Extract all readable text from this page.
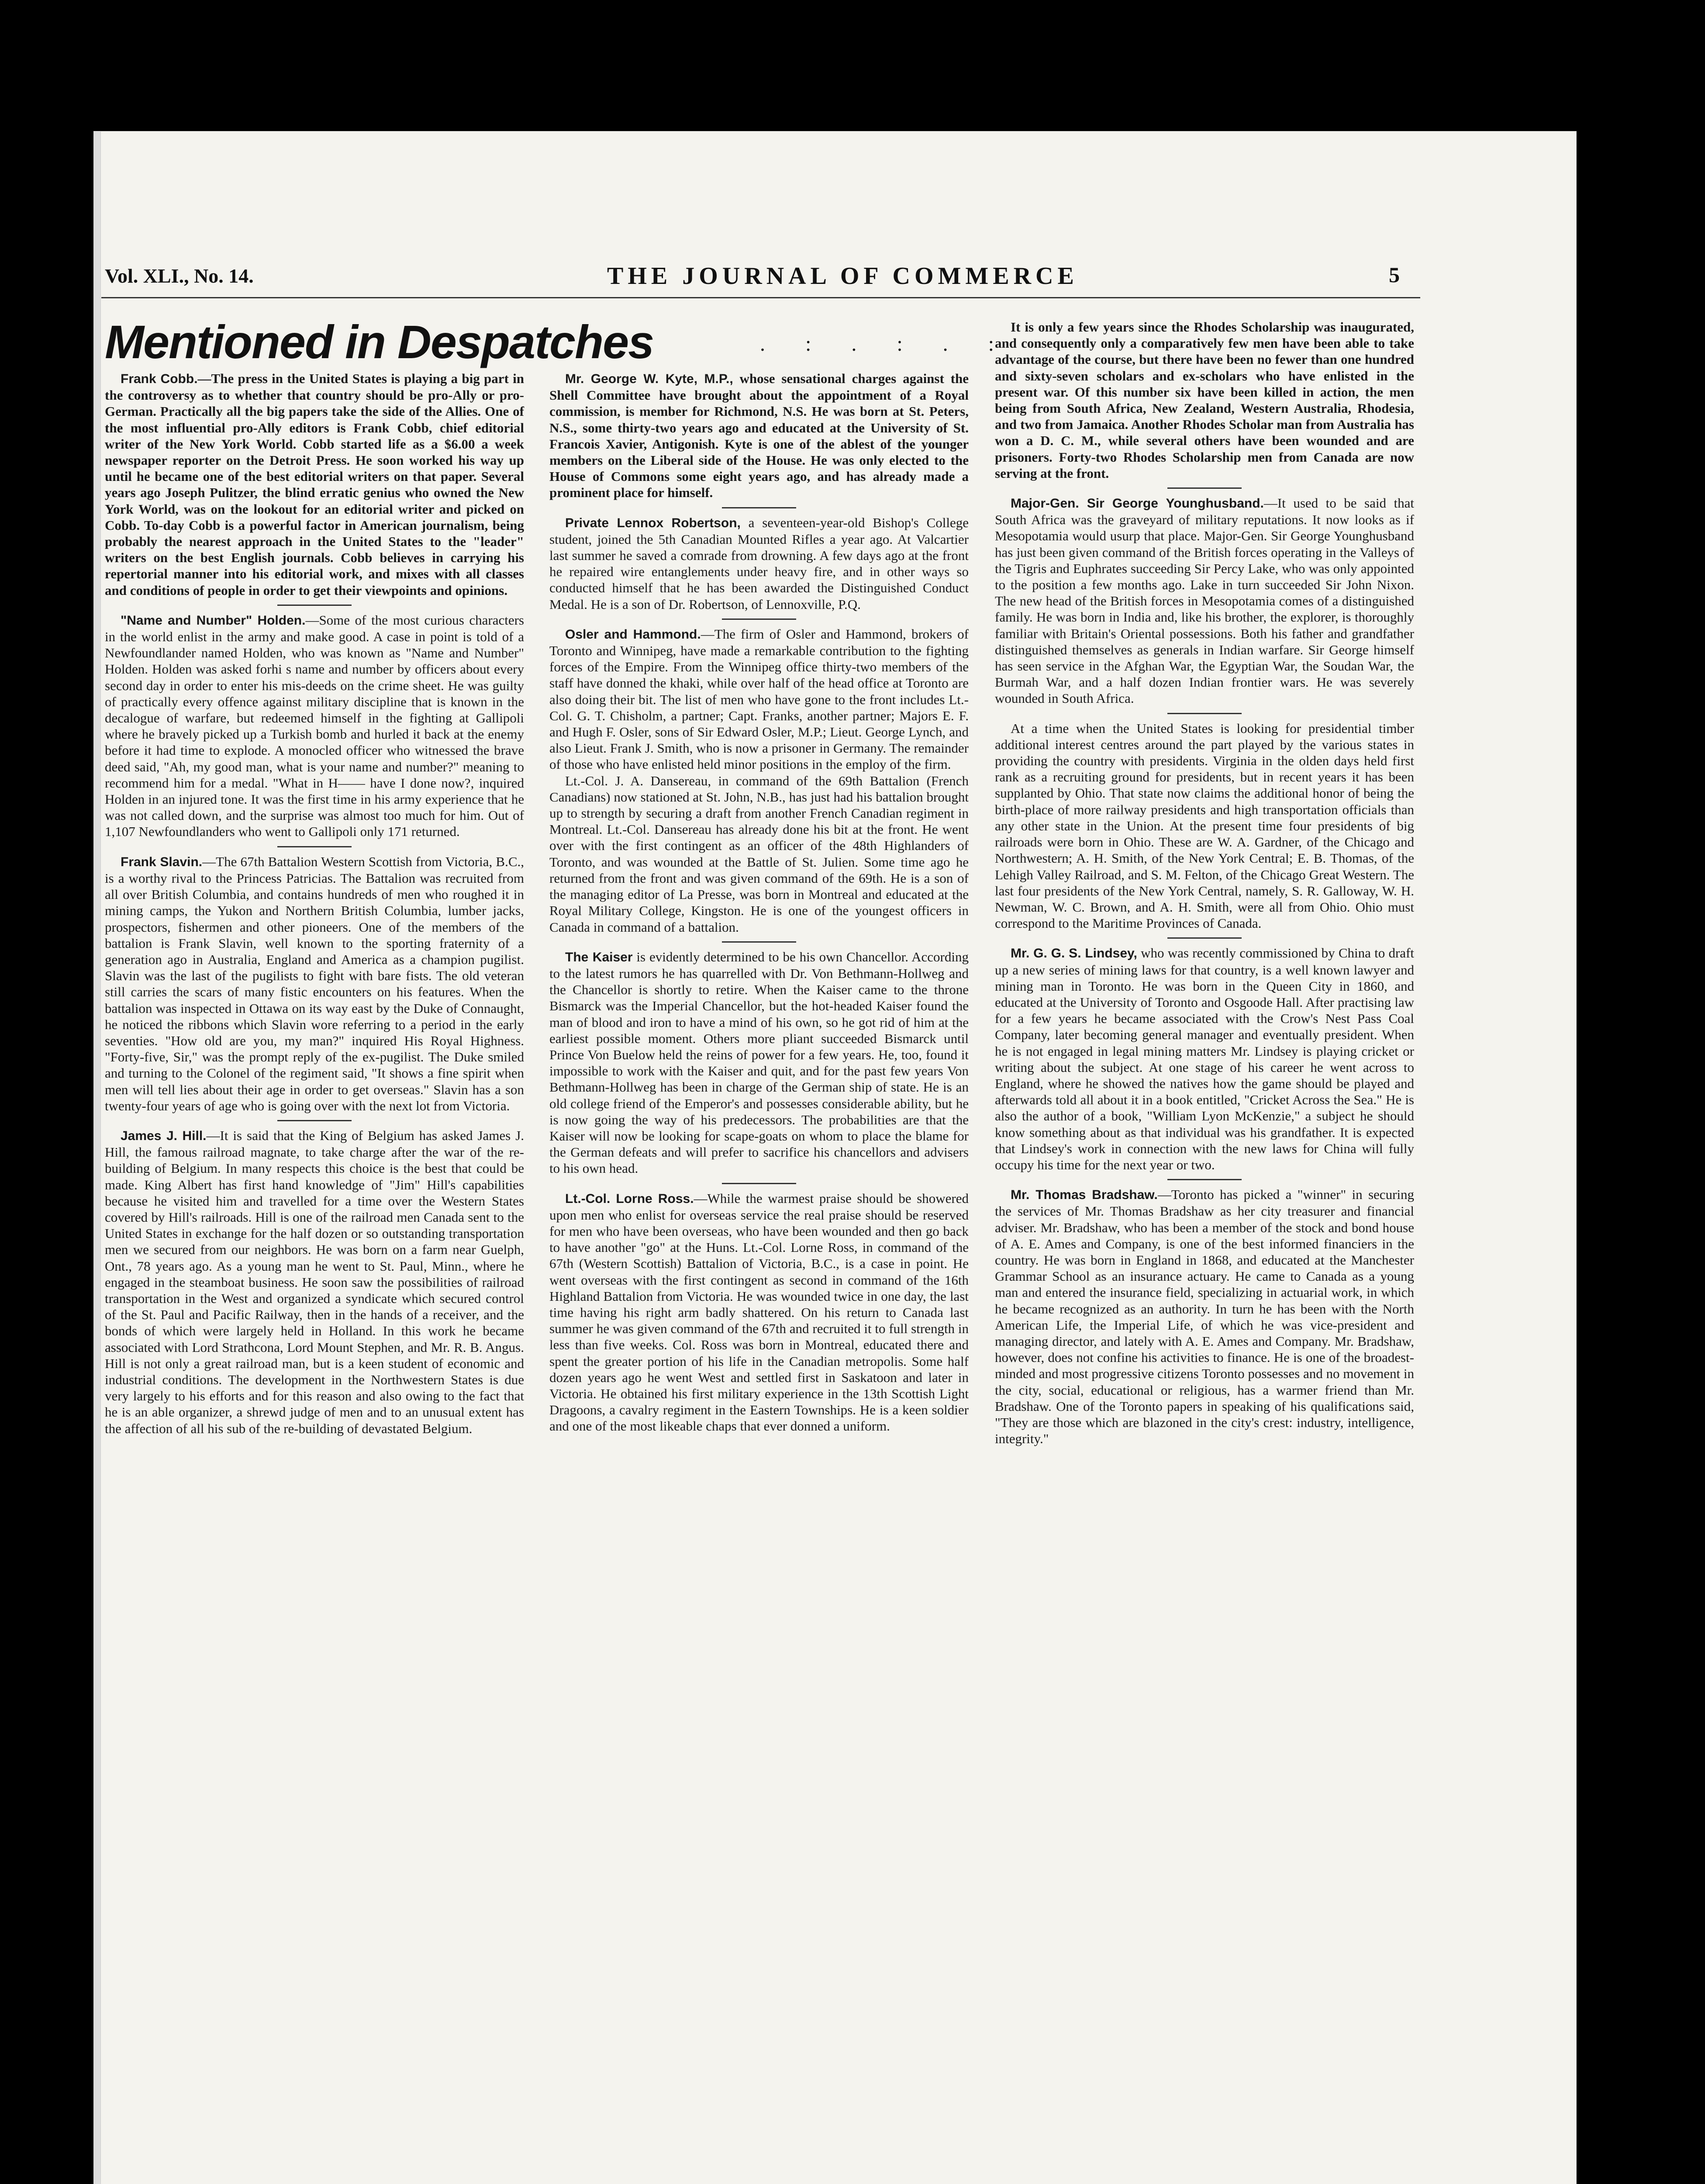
Vol. XLI., No. 14.	THE JOURNAL OF COMMERCE	5
Mentioned in Despatches	. : . : . :

Frank Cobb.—The press in the United States is playing a big part in the controversy as to whether that country should be pro-Ally or pro-German. Practically all the big papers take the side of the Allies. One of the most influential pro-Ally editors is Frank Cobb, chief editorial writer of the New York World. Cobb started life as a $6.00 a week newspaper reporter on the Detroit Press. He soon worked his way up until he became one of the best editorial writers on that paper. Several years ago Joseph Pulitzer, the blind erratic genius who owned the New York World, was on the lookout for an editorial writer and picked on Cobb. To-day Cobb is a powerful factor in American journalism, being probably the nearest approach in the United States to the "leader" writers on the best English journals. Cobb believes in carrying his repertorial manner into his editorial work, and mixes with all classes and conditions of people in order to get their viewpoints and opinions.

"Name and Number" Holden.—Some of the most curious characters in the world enlist in the army and make good. A case in point is told of a Newfoundlander named Holden, who was known as "Name and Number" Holden. Holden was asked forhi s name and number by officers about every second day in order to enter his mis-deeds on the crime sheet. He was guilty of practically every offence against military discipline that is known in the decalogue of warfare, but redeemed himself in the fighting at Gallipoli where he bravely picked up a Turkish bomb and hurled it back at the enemy before it had time to explode. A monocled officer who witnessed the brave deed said, "Ah, my good man, what is your name and number?" meaning to recommend him for a medal. "What in H—— have I done now?, inquired Holden in an injured tone. It was the first time in his army experience that he was not called down, and the surprise was almost too much for him. Out of 1,107 Newfoundlanders who went to Gallipoli only 171 returned.

Frank Slavin.—The 67th Battalion Western Scottish from Victoria, B.C., is a worthy rival to the Princess Patricias. The Battalion was recruited from all over British Columbia, and contains hundreds of men who roughed it in mining camps, the Yukon and Northern British Columbia, lumber jacks, prospectors, fishermen and other pioneers. One of the members of the battalion is Frank Slavin, well known to the sporting fraternity of a generation ago in Australia, England and America as a champion pugilist. Slavin was the last of the pugilists to fight with bare fists. The old veteran still carries the scars of many fistic encounters on his features. When the battalion was inspected in Ottawa on its way east by the Duke of Connaught, he noticed the ribbons which Slavin wore referring to a period in the early seventies. "How old are you, my man?" inquired His Royal Highness. "Forty-five, Sir," was the prompt reply of the ex-pugilist. The Duke smiled and turning to the Colonel of the regiment said, "It shows a fine spirit when men will tell lies about their age in order to get overseas." Slavin has a son twenty-four years of age who is going over with the next lot from Victoria.

James J. Hill.—It is said that the King of Belgium has asked James J. Hill, the famous railroad magnate, to take charge after the war of the re-building of Belgium. In many respects this choice is the best that could be made. King Albert has first hand knowledge of "Jim" Hill's capabilities because he visited him and travelled for a time over the Western States covered by Hill's railroads. Hill is one of the railroad men Canada sent to the United States in exchange for the half dozen or so outstanding transportation men we secured from our neighbors. He was born on a farm near Guelph, Ont., 78 years ago. As a young man he went to St. Paul, Minn., where he engaged in the steamboat business. He soon saw the possibilities of railroad transportation in the West and organized a syndicate which secured control of the St. Paul and Pacific Railway, then in the hands of a receiver, and the bonds of which were largely held in Holland. In this work he became associated with Lord Strathcona, Lord Mount Stephen, and Mr. R. B. Angus. Hill is not only a great railroad man, but is a keen student of economic and industrial conditions. The development in the Northwestern States is due very largely to his efforts and for this reason and also owing to the fact that he is an able organizer, a shrewd judge of men and to an unusual extent has the affection of all his sub of the re-building of devastated Belgium.

Mr. George W. Kyte, M.P., whose sensational charges against the Shell Committee have brought about the appointment of a Royal commission, is member for Richmond, N.S. He was born at St. Peters, N.S., some thirty-two years ago and educated at the University of St. Francois Xavier, Antigonish. Kyte is one of the ablest of the younger members on the Liberal side of the House. He was only elected to the House of Commons some eight years ago, and has already made a prominent place for himself.

Private Lennox Robertson, a seventeen-year-old Bishop's College student, joined the 5th Canadian Mounted Rifles a year ago. At Valcartier last summer he saved a comrade from drowning. A few days ago at the front he repaired wire entanglements under heavy fire, and in other ways so conducted himself that he has been awarded the Distinguished Conduct Medal. He is a son of Dr. Robertson, of Lennoxville, P.Q.

Osler and Hammond.—The firm of Osler and Hammond, brokers of Toronto and Winnipeg, have made a remarkable contribution to the fighting forces of the Empire. From the Winnipeg office thirty-two members of the staff have donned the khaki, while over half of the head office at Toronto are also doing their bit. The list of men who have gone to the front includes Lt.-Col. G. T. Chisholm, a partner; Capt. Franks, another partner; Majors E. F. and Hugh F. Osler, sons of Sir Edward Osler, M.P.; Lieut. George Lynch, and also Lieut. Frank J. Smith, who is now a prisoner in Germany. The remainder of those who have enlisted held minor positions in the employ of the firm.

Lt.-Col. J. A. Dansereau, in command of the 69th Battalion (French Canadians) now stationed at St. John, N.B., has just had his battalion brought up to strength by securing a draft from another French Canadian regiment in Montreal. Lt.-Col. Dansereau has already done his bit at the front. He went over with the first contingent as an officer of the 48th Highlanders of Toronto, and was wounded at the Battle of St. Julien. Some time ago he returned from the front and was given command of the 69th. He is a son of the managing editor of La Presse, was born in Montreal and educated at the Royal Military College, Kingston. He is one of the youngest officers in Canada in command of a battalion.

The Kaiser is evidently determined to be his own Chancellor. According to the latest rumors he has quarrelled with Dr. Von Bethmann-Hollweg and the Chancellor is shortly to retire. When the Kaiser came to the throne Bismarck was the Imperial Chancellor, but the hot-headed Kaiser found the man of blood and iron to have a mind of his own, so he got rid of him at the earliest possible moment. Others more pliant succeeded Bismarck until Prince Von Buelow held the reins of power for a few years. He, too, found it impossible to work with the Kaiser and quit, and for the past few years Von Bethmann-Hollweg has been in charge of the German ship of state. He is an old college friend of the Emperor's and possesses considerable ability, but he is now going the way of his predecessors. The probabilities are that the Kaiser will now be looking for scape-goats on whom to place the blame for the German defeats and will prefer to sacrifice his chancellors and advisers to his own head.

Lt.-Col. Lorne Ross.—While the warmest praise should be showered upon men who enlist for overseas service the real praise should be reserved for men who have been overseas, who have been wounded and then go back to have another "go" at the Huns. Lt.-Col. Lorne Ross, in command of the 67th (Western Scottish) Battalion of Victoria, B.C., is a case in point. He went overseas with the first contingent as second in command of the 16th Highland Battalion from Victoria. He was wounded twice in one day, the last time having his right arm badly shattered. On his return to Canada last summer he was given command of the 67th and recruited it to full strength in less than five weeks. Col. Ross was born in Montreal, educated there and spent the greater portion of his life in the Canadian metropolis. Some half dozen years ago he went West and settled first in Saskatoon and later in Victoria. He obtained his first military experience in the 13th Scottish Light Dragoons, a cavalry regiment in the Eastern Townships. He is a keen soldier and one of the most likeable chaps that ever donned a uniform.

It is only a few years since the Rhodes Scholarship was inaugurated, and consequently only a comparatively few men have been able to take advantage of the course, but there have been no fewer than one hundred and sixty-seven scholars and ex-scholars who have enlisted in the present war. Of this number six have been killed in action, the men being from South Africa, New Zealand, Western Australia, Rhodesia, and two from Jamaica. Another Rhodes Scholar man from Australia has won a D. C. M., while several others have been wounded and are prisoners. Forty-two Rhodes Scholarship men from Canada are now serving at the front.

Major-Gen. Sir George Younghusband.—It used to be said that South Africa was the graveyard of military reputations. It now looks as if Mesopotamia would usurp that place. Major-Gen. Sir George Younghusband has just been given command of the British forces operating in the Valleys of the Tigris and Euphrates succeeding Sir Percy Lake, who was only appointed to the position a few months ago. Lake in turn succeeded Sir John Nixon. The new head of the British forces in Mesopotamia comes of a distinguished family. He was born in India and, like his brother, the explorer, is thoroughly familiar with Britain's Oriental possessions. Both his father and grandfather distinguished themselves as generals in Indian warfare. Sir George himself has seen service in the Afghan War, the Egyptian War, the Soudan War, the Burmah War, and a half dozen Indian frontier wars. He was severely wounded in South Africa.

At a time when the United States is looking for presidential timber additional interest centres around the part played by the various states in providing the country with presidents. Virginia in the olden days held first rank as a recruiting ground for presidents, but in recent years it has been supplanted by Ohio. That state now claims the additional honor of being the birth-place of more railway presidents and high transportation officials than any other state in the Union. At the present time four presidents of big railroads were born in Ohio. These are W. A. Gardner, of the Chicago and Northwestern; A. H. Smith, of the New York Central; E. B. Thomas, of the Lehigh Valley Railroad, and S. M. Felton, of the Chicago Great Western. The last four presidents of the New York Central, namely, S. R. Galloway, W. H. Newman, W. C. Brown, and A. H. Smith, were all from Ohio. Ohio must correspond to the Maritime Provinces of Canada.

Mr. G. G. S. Lindsey, who was recently commissioned by China to draft up a new series of mining laws for that country, is a well known lawyer and mining man in Toronto. He was born in the Queen City in 1860, and educated at the University of Toronto and Osgoode Hall. After practising law for a few years he became associated with the Crow's Nest Pass Coal Company, later becoming general manager and eventually president. When he is not engaged in legal mining matters Mr. Lindsey is playing cricket or writing about the subject. At one stage of his career he went across to England, where he showed the natives how the game should be played and afterwards told all about it in a book entitled, "Cricket Across the Sea." He is also the author of a book, "William Lyon McKenzie," a subject he should know something about as that individual was his grandfather. It is expected that Lindsey's work in connection with the new laws for China will fully occupy his time for the next year or two.

Mr. Thomas Bradshaw.—Toronto has picked a "winner" in securing the services of Mr. Thomas Bradshaw as her city treasurer and financial adviser. Mr. Bradshaw, who has been a member of the stock and bond house of A. E. Ames and Company, is one of the best informed financiers in the country. He was born in England in 1868, and educated at the Manchester Grammar School as an insurance actuary. He came to Canada as a young man and entered the insurance field, specializing in actuarial work, in which he became recognized as an authority. In turn he has been with the North American Life, the Imperial Life, of which he was vice-president and managing director, and lately with A. E. Ames and Company. Mr. Bradshaw, however, does not confine his activities to finance. He is one of the broadest-minded and most progressive citizens Toronto possesses and no movement in the city, social, educational or religious, has a warmer friend than Mr. Bradshaw. One of the Toronto papers in speaking of his qualifications said, "They are those which are blazoned in the city's crest: industry, intelligence, integrity."
